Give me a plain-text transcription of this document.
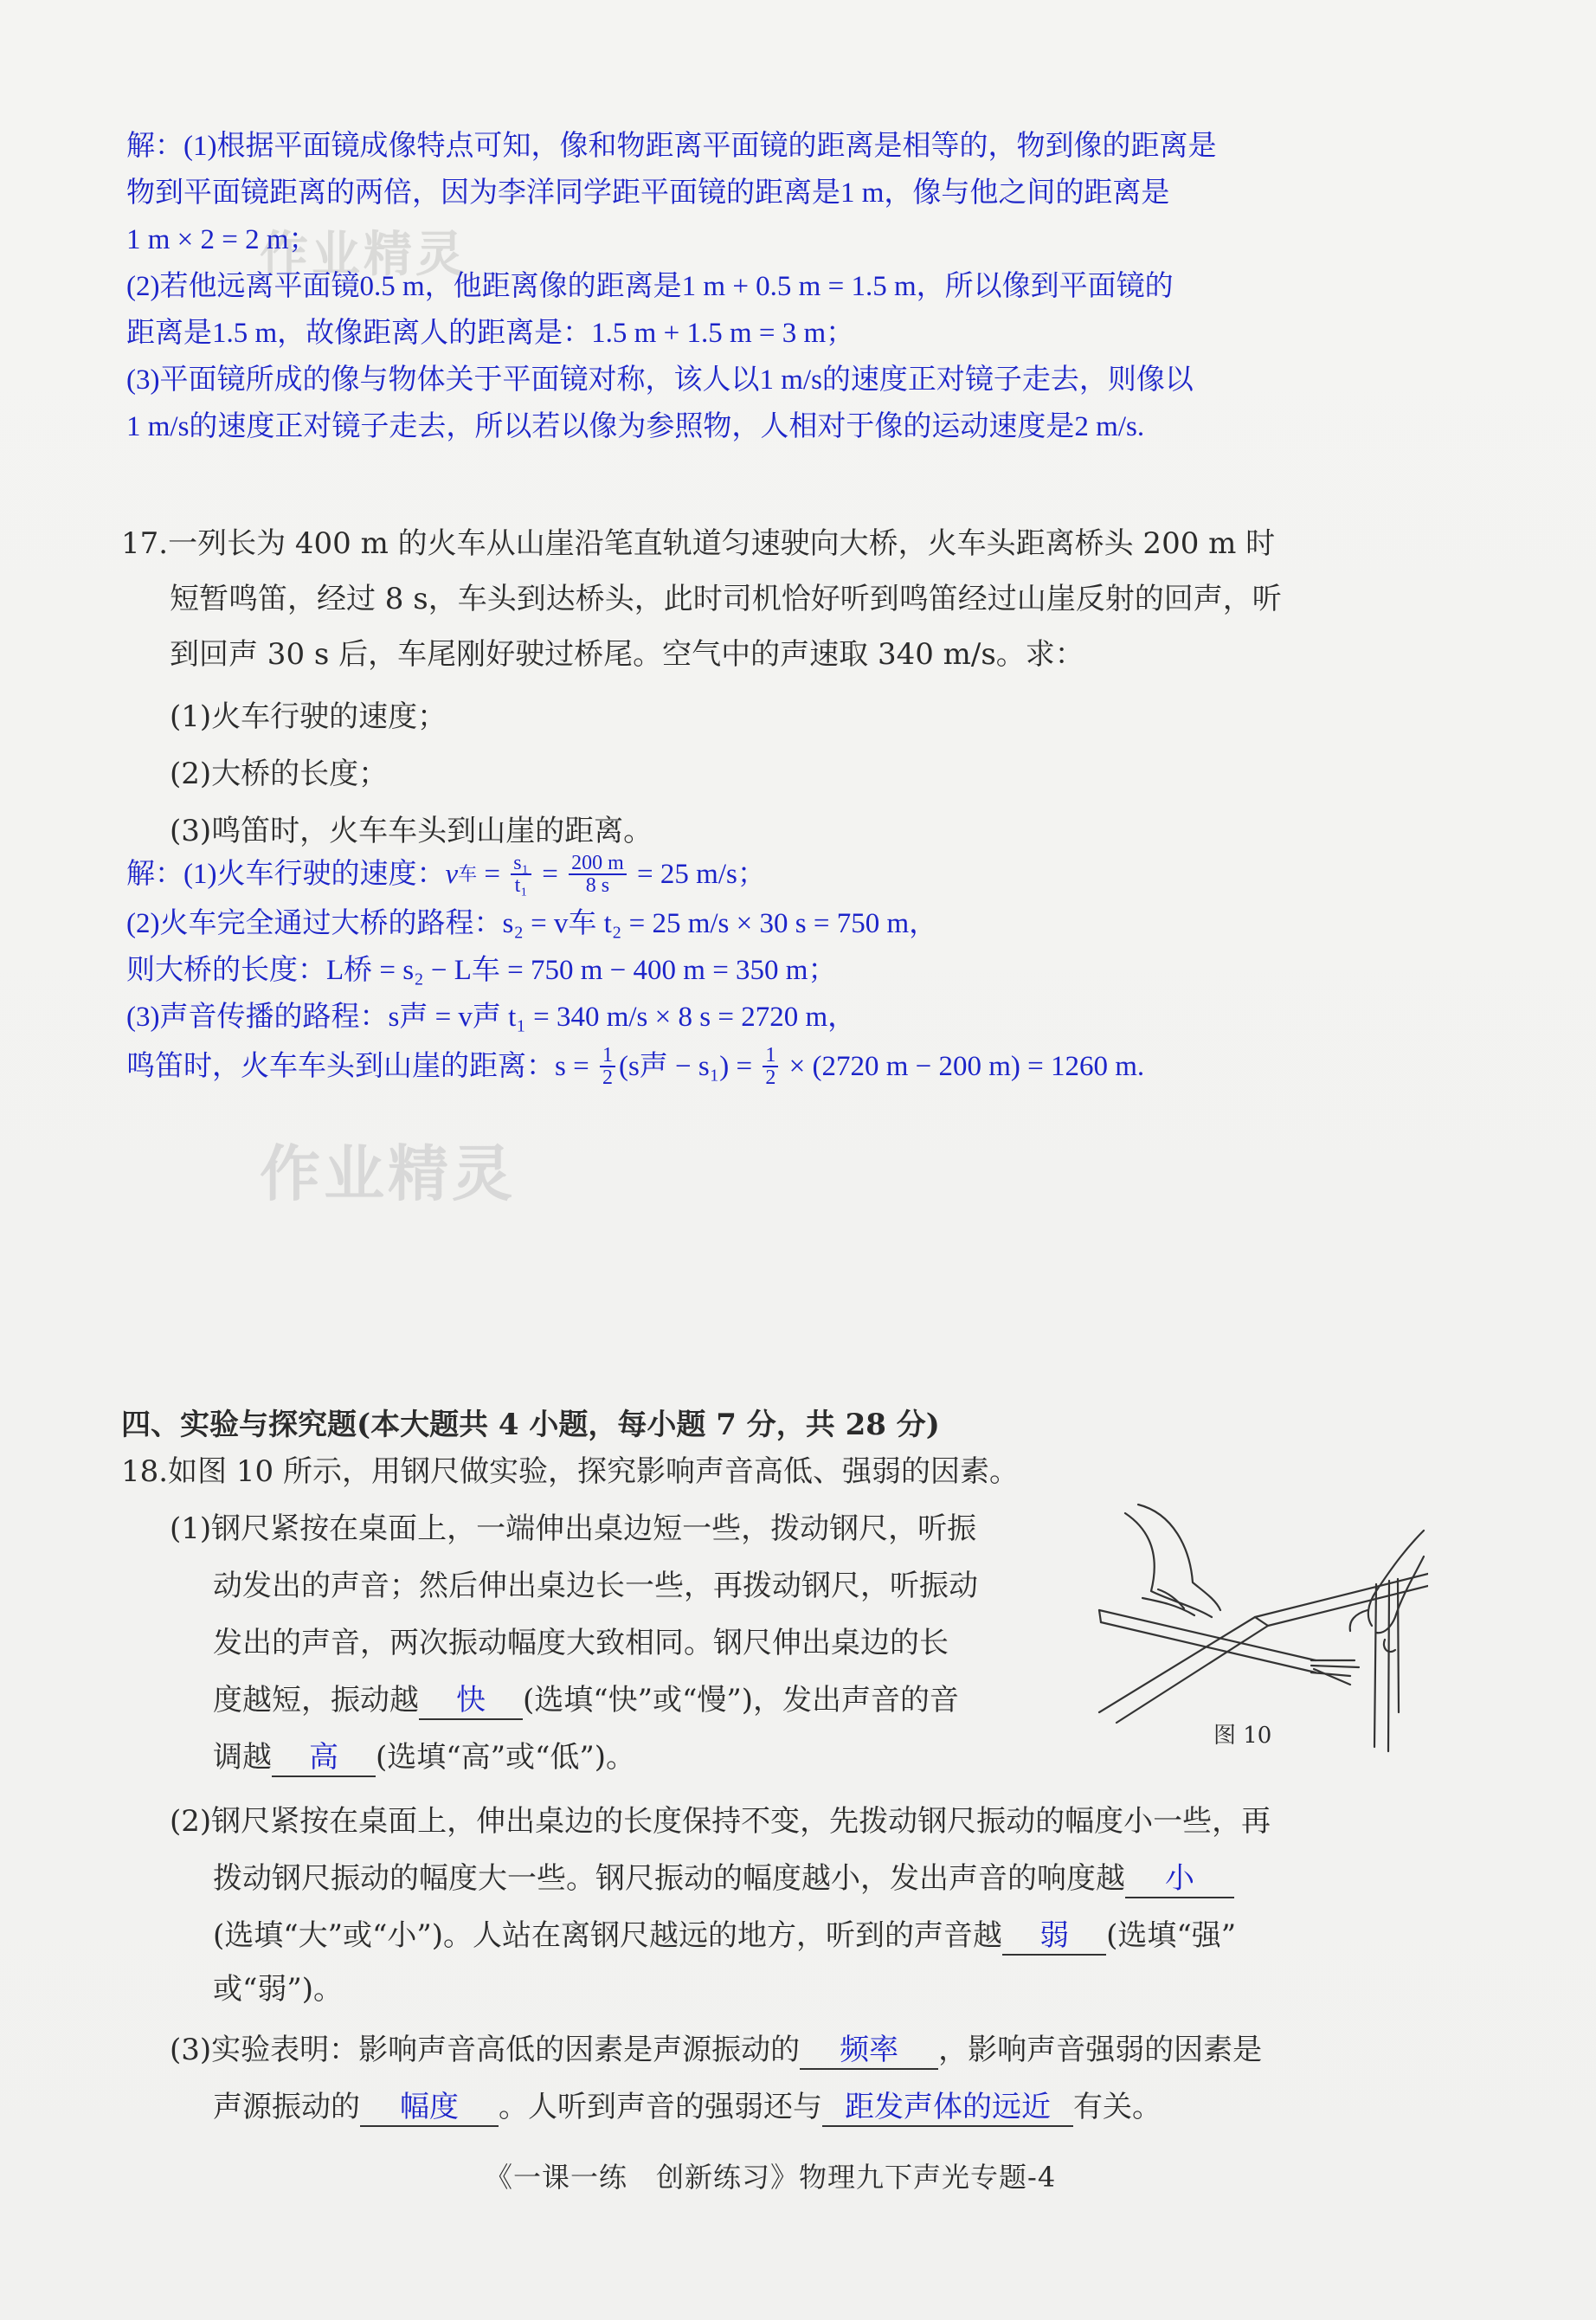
作业精灵
作业精灵
解：(1)根据平面镜成像特点可知，像和物距离平面镜的距离是相等的，物到像的距离是
物到平面镜距离的两倍，因为李洋同学距平面镜的距离是1 m，像与他之间的距离是
1 m × 2 = 2 m；
(2)若他远离平面镜0.5 m，他距离像的距离是1 m + 0.5 m = 1.5 m，所以像到平面镜的
距离是1.5 m，故像距离人的距离是：1.5 m + 1.5 m = 3 m；
(3)平面镜所成的像与物体关于平面镜对称，该人以1 m/s的速度正对镜子走去，则像以
1 m/s的速度正对镜子走去，所以若以像为参照物，人相对于像的运动速度是2 m/s.
17.一列长为 400 m 的火车从山崖沿笔直轨道匀速驶向大桥，火车头距离桥头 200 m 时
短暂鸣笛，经过 8 s，车头到达桥头，此时司机恰好听到鸣笛经过山崖反射的回声，听
到回声 30 s 后，车尾刚好驶过桥尾。空气中的声速取 340 m/s。求：
(1)火车行驶的速度；
(2)大桥的长度；
(3)鸣笛时，火车车头到山崖的距离。
解：(1)火车行驶的速度： v 车 = $\frac{\text{s₁}}{\text{t₁}} = \frac{200 m}{8 s} = 25$ m/s；
(2)火车完全通过大桥的路程：s₂ = v车 t₂ = 25 m/s × 30 s = 750 m，
则大桥的长度：L桥 = s₂ − L车 = 750 m − 400 m = 350 m；
(3)声音传播的路程：s声 = v声 t₁ = 340 m/s × 8 s = 2720 m，
鸣笛时，火车车头到山崖的距离：$s = \frac{1}{2} (s$声 − $s_1) = \frac{1}{2} \times (2720$ m − 200 m) = 1260 m.
四、实验与探究题(本大题共 4 小题，每小题 7 分，共 28 分)
18.如图 10 所示，用钢尺做实验，探究影响声音高低、强弱的因素。
(1)钢尺紧按在桌面上，一端伸出桌边短一些，拨动钢尺，听振
动发出的声音；然后伸出桌边长一些，再拨动钢尺，听振动
发出的声音，两次振动幅度大致相同。钢尺伸出桌边的长
度越短，振动越 快 (选填“快”或“慢”)，发出声音的音
调越 高 (选填“高”或“低”)。
图 10
(2)钢尺紧按在桌面上，伸出桌边的长度保持不变，先拨动钢尺振动的幅度小一些，再
拨动钢尺振动的幅度大一些。钢尺振动的幅度越小，发出声音的响度越 小
(选填“大”或“小”)。人站在离钢尺越远的地方，听到的声音越 弱 (选填“强”
或“弱”)。
(3)实验表明：影响声音高低的因素是声源振动的 频率 ，影响声音强弱的因素是
声源振动的 幅度 。人听到声音的强弱还与 距发声体的远近 有关。
《一课一练　创新练习》物理九下声光专题-4
